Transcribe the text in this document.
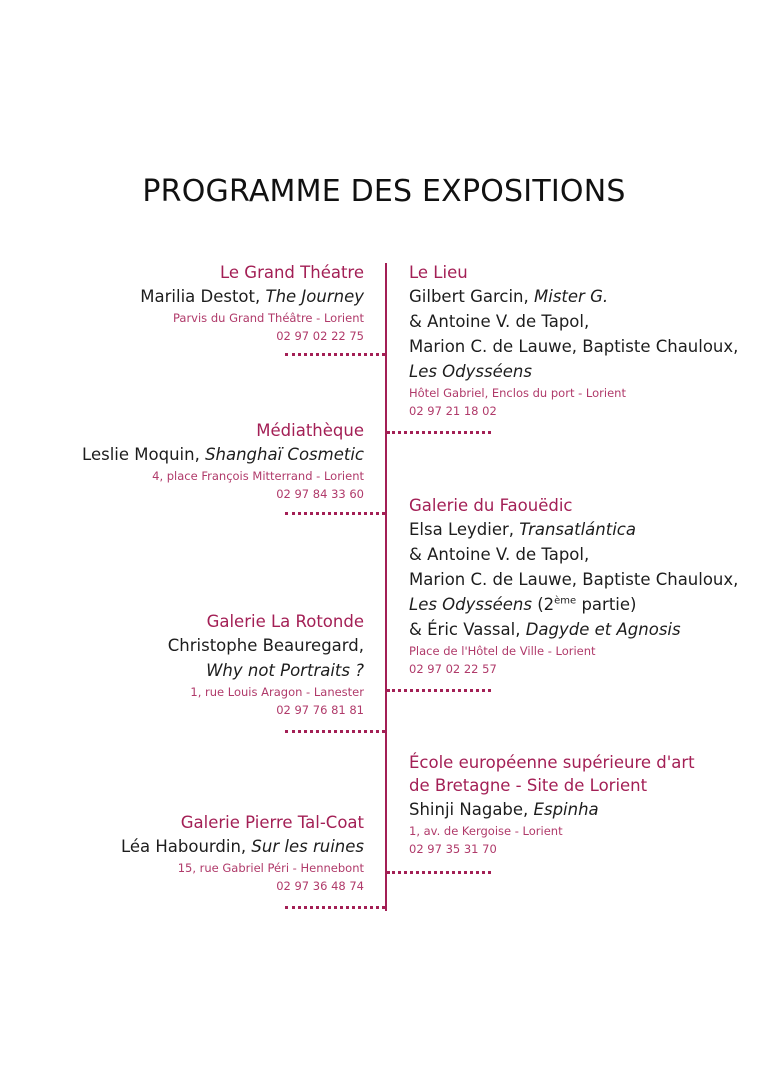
PROGRAMME DES EXPOSITIONS
Le Grand Théatre
Marilia Destot, The Journey
Parvis du Grand Théâtre - Lorient
02 97 02 22 75
Médiathèque
Leslie Moquin, Shanghaï Cosmetic
4, place François Mitterrand - Lorient
02 97 84 33 60
Galerie La Rotonde
Christophe Beauregard,
Why not Portraits ?
1, rue Louis Aragon - Lanester
02 97 76 81 81
Galerie Pierre Tal-Coat
Léa Habourdin, Sur les ruines
15, rue Gabriel Péri - Hennebont
02 97 36 48 74
Le Lieu
Gilbert Garcin, Mister G.
& Antoine V. de Tapol,
Marion C. de Lauwe, Baptiste Chauloux,
Les Odysséens
Hôtel Gabriel, Enclos du port - Lorient
02 97 21 18 02
Galerie du Faouëdic
Elsa Leydier, Transatlántica
& Antoine V. de Tapol,
Marion C. de Lauwe, Baptiste Chauloux,
Les Odysséens (2ème partie)
& Éric Vassal, Dagyde et Agnosis
Place de l'Hôtel de Ville - Lorient
02 97 02 22 57
École européenne supérieure d'art
de Bretagne - Site de Lorient
Shinji Nagabe, Espinha
1, av. de Kergoise - Lorient
02 97 35 31 70
